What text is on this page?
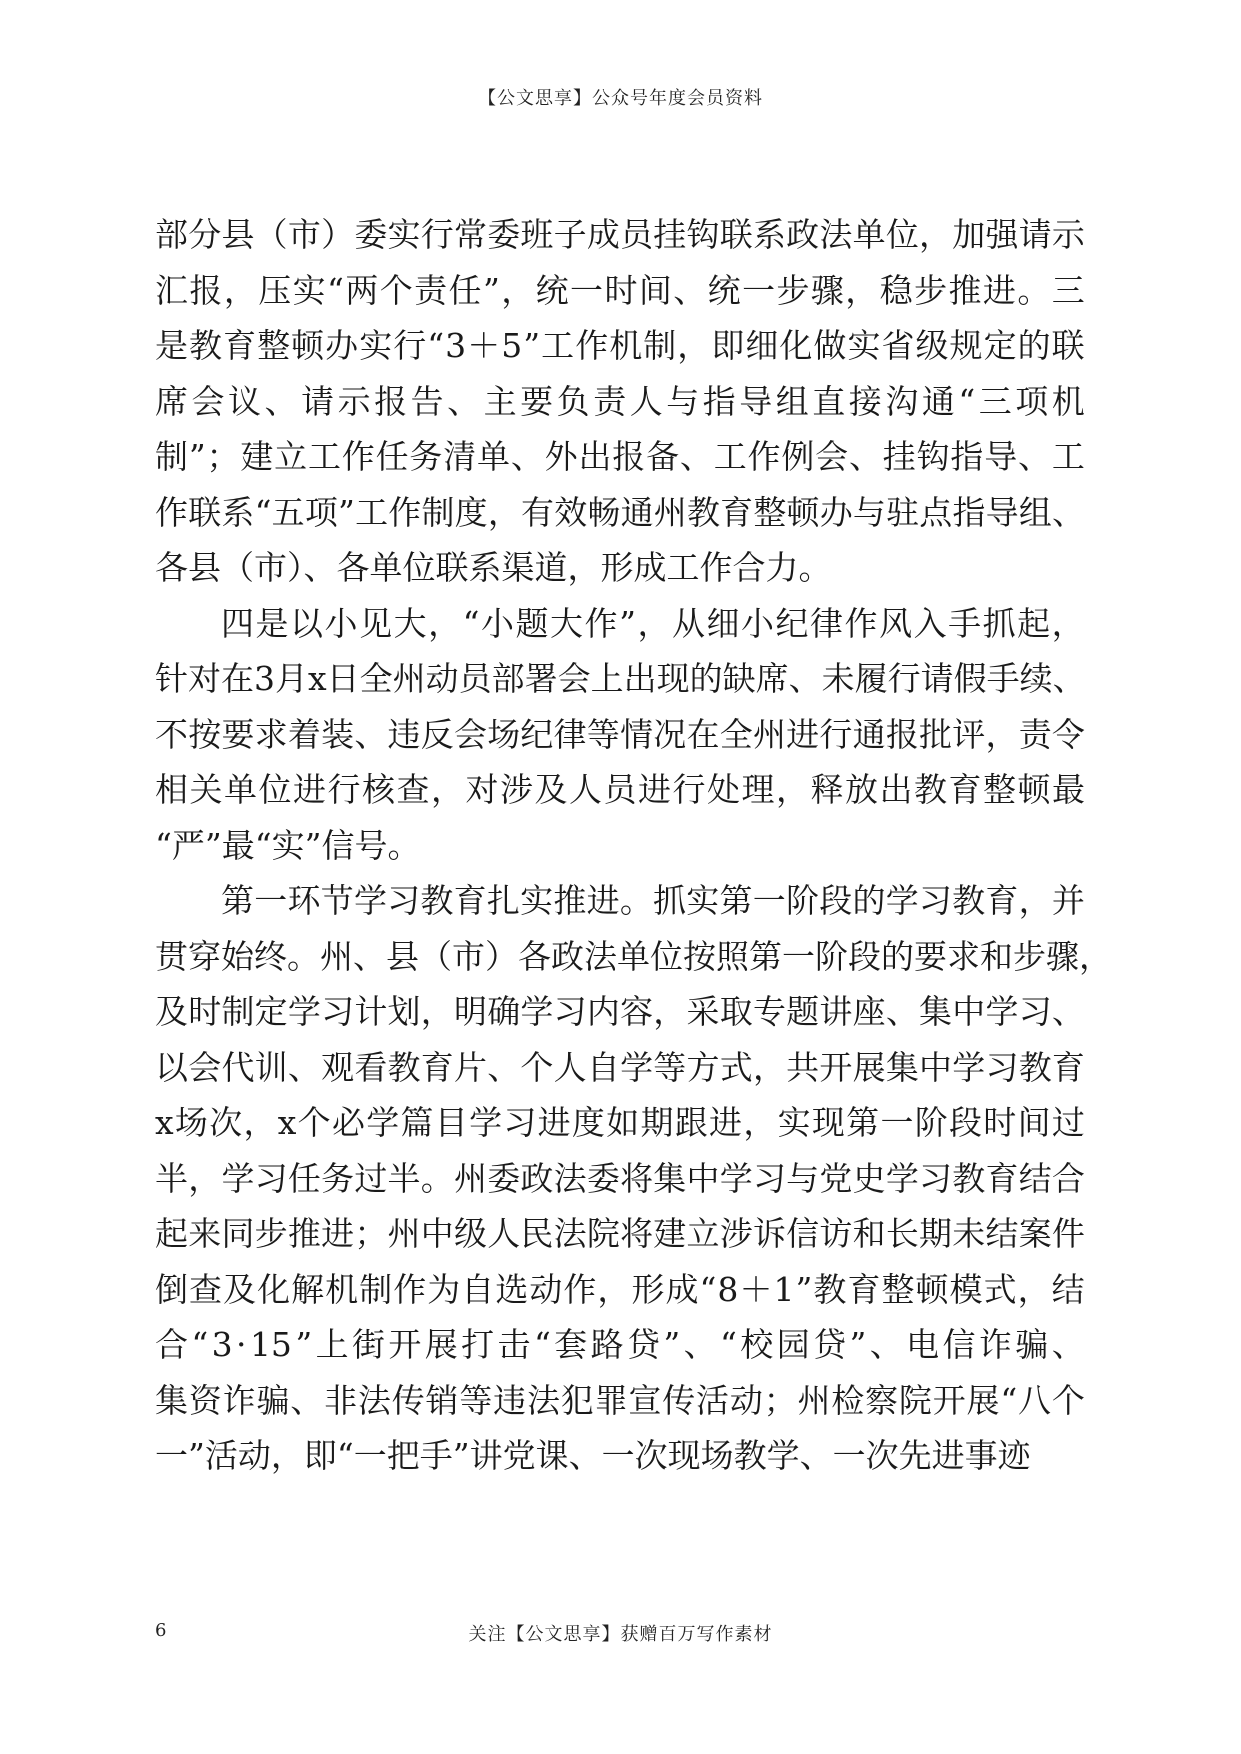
【公文思享】公众号年度会员资料
部 分 县 （ 市 ） 委 实 行 常 委 班 子 成 员 挂 钩 联 系 政 法 单 位 ， 加 强 请 示
汇 报 ， 压 实 “ 两 个 责 任 ” ， 统 一 时 间 、 统 一 步 骤 ， 稳 步 推 进 。 三
是 教 育 整 顿 办 实 行 “ 3 ＋ 5 ” 工 作 机 制 ， 即 细 化 做 实 省 级 规 定 的 联
席 会 议 、 请 示 报 告 、 主 要 负 责 人 与 指 导 组 直 接 沟 通 “ 三 项 机
制 ” ； 建 立 工 作 任 务 清 单 、 外 出 报 备 、 工 作 例 会 、 挂 钩 指 导 、 工
作 联 系 “ 五 项 ” 工 作 制 度 ， 有 效 畅 通 州 教 育 整 顿 办 与 驻 点 指 导 组 、
各县（市）、各单位联系渠道，形成工作合力。
四 是 以 小 见 大 ， “ 小 题 大 作 ” ， 从 细 小 纪 律 作 风 入 手 抓 起 ，
针 对 在 3 月 x 日 全 州 动 员 部 署 会 上 出 现 的 缺 席 、 未 履 行 请 假 手 续 、
不 按 要 求 着 装 、 违 反 会 场 纪 律 等 情 况 在 全 州 进 行 通 报 批 评 ， 责 令
相 关 单 位 进 行 核 查 ， 对 涉 及 人 员 进 行 处 理 ， 释 放 出 教 育 整 顿 最
“严”最“实”信号。
第 一 环 节 学 习 教 育 扎 实 推 进 。 抓 实 第 一 阶 段 的 学 习 教 育 ， 并
贯 穿 始 终 。 州 、 县 （ 市 ） 各 政 法 单 位 按 照 第 一 阶 段 的 要 求 和 步 骤 ，
及 时 制 定 学 习 计 划 ， 明 确 学 习 内 容 ， 采 取 专 题 讲 座 、 集 中 学 习 、
以 会 代 训 、 观 看 教 育 片 、 个 人 自 学 等 方 式 ， 共 开 展 集 中 学 习 教 育
x 场 次 ， x 个 必 学 篇 目 学 习 进 度 如 期 跟 进 ， 实 现 第 一 阶 段 时 间 过
半 ， 学 习 任 务 过 半 。 州 委 政 法 委 将 集 中 学 习 与 党 史 学 习 教 育 结 合
起 来 同 步 推 进 ； 州 中 级 人 民 法 院 将 建 立 涉 诉 信 访 和 长 期 未 结 案 件
倒 查 及 化 解 机 制 作 为 自 选 动 作 ， 形 成 “ 8 ＋ 1 ” 教 育 整 顿 模 式 ， 结
合 “ 3 · 15 ” 上 街 开 展 打 击 “ 套 路 贷 ” 、 “ 校 园 贷 ” 、 电 信 诈 骗 、
集 资 诈 骗 、 非 法 传 销 等 违 法 犯 罪 宣 传 活 动 ； 州 检 察 院 开 展 “ 八 个
一”活动，即“一把手”讲党课、一次现场教学、一次先进事迹
6	关注【公文思享】获赠百万写作素材
